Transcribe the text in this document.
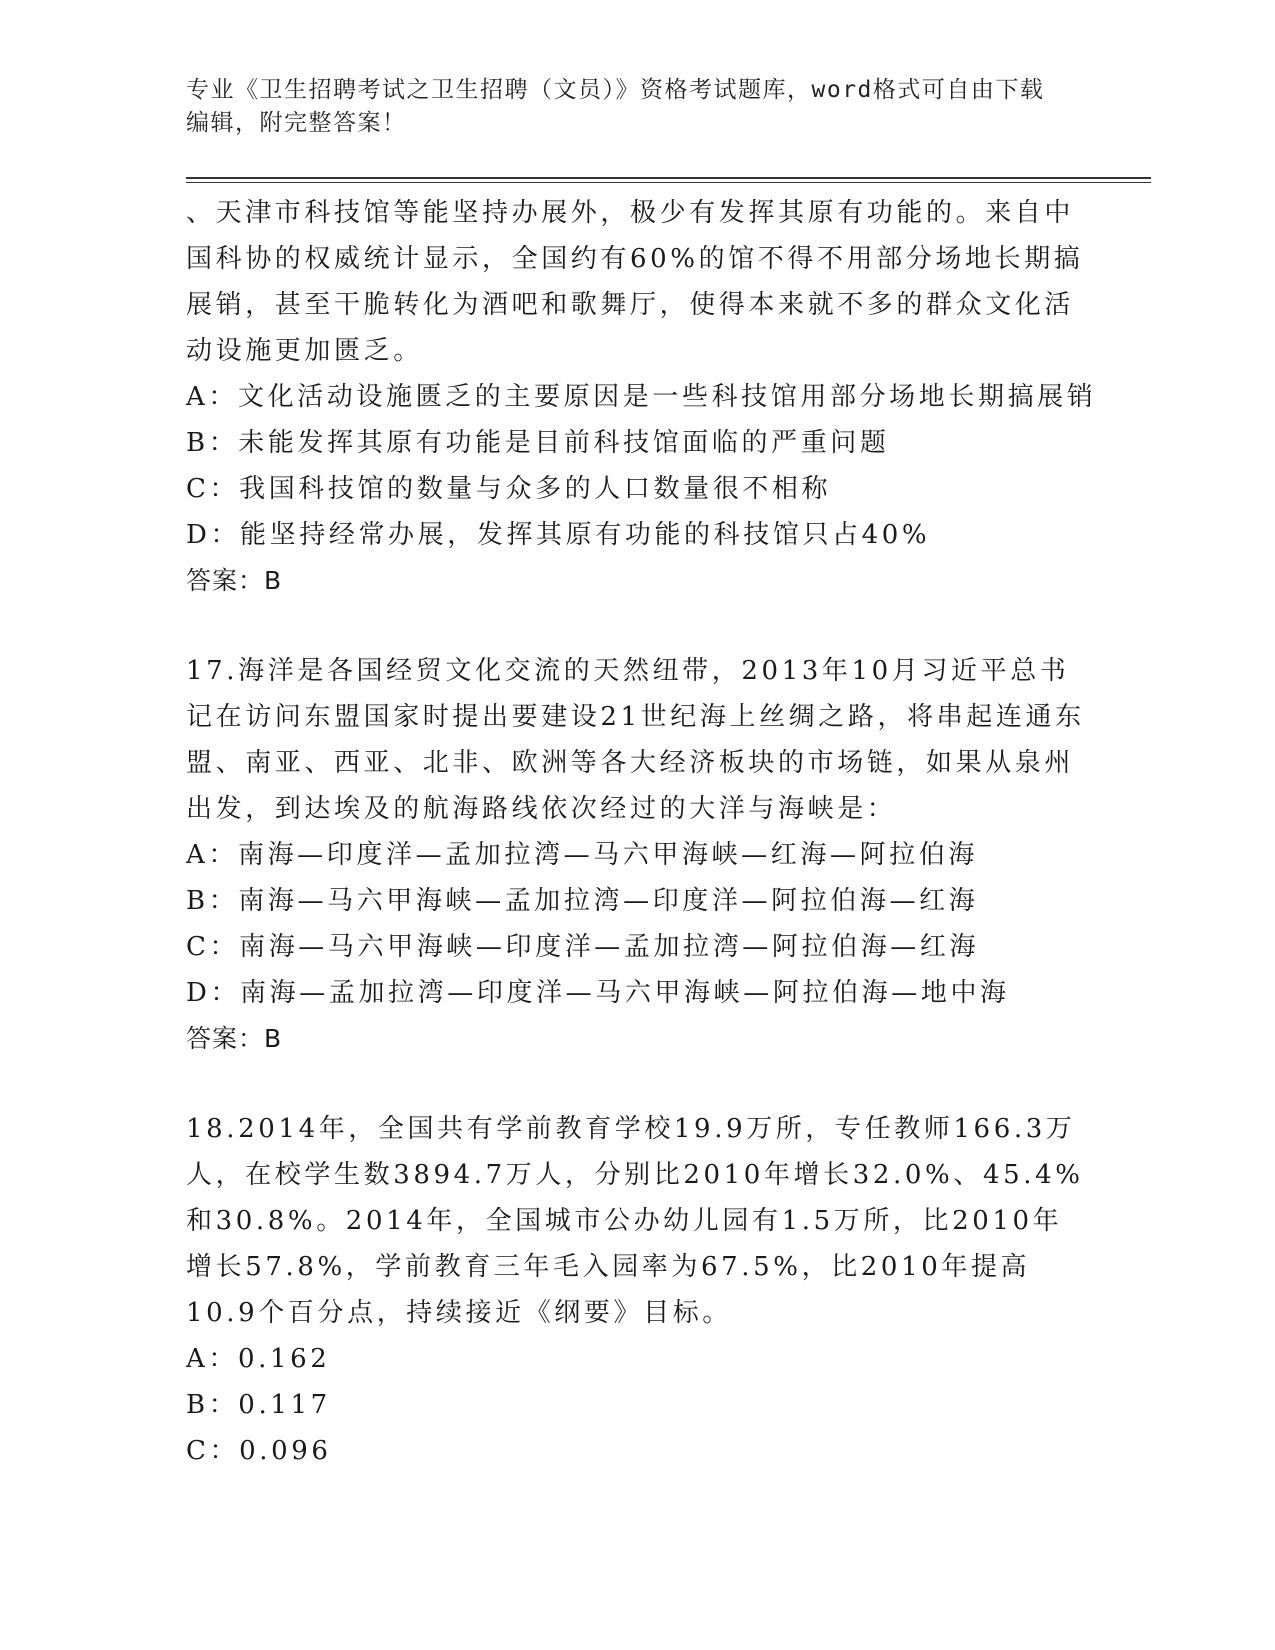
专业《卫生招聘考试之卫生招聘（文员）》资格考试题库，word格式可自由下载
编辑，附完整答案！

、天津市科技馆等能坚持办展外，极少有发挥其原有功能的。来自中国科协的权威统计显示，全国约有60%的馆不得不用部分场地长期搞展销，甚至干脆转化为酒吧和歌舞厅，使得本来就不多的群众文化活动设施更加匮乏。

A：文化活动设施匮乏的主要原因是一些科技馆用部分场地长期搞展销

B：未能发挥其原有功能是目前科技馆面临的严重问题

C：我国科技馆的数量与众多的人口数量很不相称

D：能坚持经常办展，发挥其原有功能的科技馆只占40%

答案：B

17.海洋是各国经贸文化交流的天然纽带，2013年10月习近平总书记在访问东盟国家时提出要建设21世纪海上丝绸之路，将串起连通东盟、南亚、西亚、北非、欧洲等各大经济板块的市场链，如果从泉州出发，到达埃及的航海路线依次经过的大洋与海峡是：

A：南海—印度洋—孟加拉湾—马六甲海峡—红海—阿拉伯海

B：南海—马六甲海峡—孟加拉湾—印度洋—阿拉伯海—红海

C：南海—马六甲海峡—印度洋—孟加拉湾—阿拉伯海—红海

D：南海—孟加拉湾—印度洋—马六甲海峡—阿拉伯海—地中海

答案：B

18.2014年，全国共有学前教育学校19.9万所，专任教师166.3万人，在校学生数3894.7万人，分别比2010年增长32.0%、45.4%和30.8%。2014年，全国城市公办幼儿园有1.5万所，比2010年增长57.8%，学前教育三年毛入园率为67.5%，比2010年提高10.9个百分点，持续接近《纲要》目标。

A：0.162

B：0.117

C：0.096
